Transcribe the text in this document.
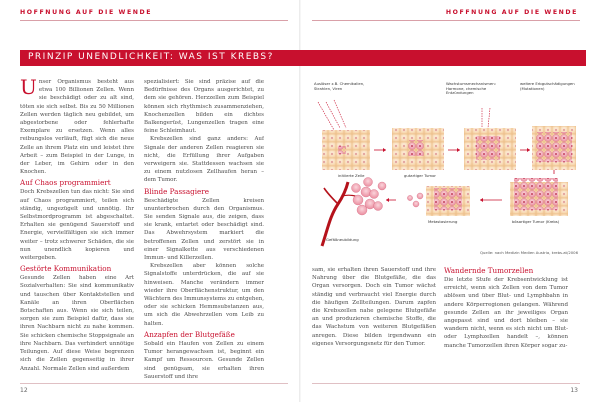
HOFFNUNG AUF DIE WENDE	HOFFNUNG AUF DIE WENDE
PRINZIP UNENDLICHKEIT: WAS IST KREBS?

Unser Organismus besteht aus etwa 100 Billionen Zellen. Wenn sie beschädigt oder zu alt sind, töten sie sich selbst. Bis zu 50 Millionen Zellen werden täglich neu gebildet, um abgestorbene oder fehlerhafte Exemplare zu ersetzen. Wenn alles reibungslos verläuft, fügt sich die neue Zelle an ihrem Platz ein und leistet ihre Arbeit – zum Beispiel in der Lunge, in der Leber, im Gehirn oder in den Knochen.

Auf Chaos programmiert

Doch Krebszellen tun das nicht: Sie sind auf Chaos programmiert, teilen sich ständig, ungezügelt und unnötig. Ihr Selbstmordprogramm ist abgeschaltet. Erhalten sie genügend Sauerstoff und Energie, vervielfältigen sie sich immer weiter – trotz schwerer Schäden, die sie nun unendlich kopieren und weitergeben.

Gestörte Kommunikation

Gesunde Zellen haben eine Art Sozialverhalten: Sie sind kommunikativ und tauschen über Kontaktstellen und Kanäle an ihren Oberflächen Botschaften aus. Wenn sie sich teilen, sorgen sie zum Beispiel dafür, dass sie ihren Nachbarn nicht zu nahe kommen. Sie schicken chemische Stoppsignale an ihre Nachbarn. Das verhindert unnötige Teilungen. Auf diese Weise begrenzen sich die Zellen gegenseitig in ihrer Anzahl. Normale Zellen sind außerdem

spezialisiert: Sie sind präzise auf die Bedürfnisse des Organs ausgerichtet, zu dem sie gehören. Herzzellen zum Beispiel können sich rhythmisch zusammenziehen, Knochenzellen bilden ein dichtes Balkengerüst, Lungenzellen tragen eine feine Schleimhaut.

Krebszellen sind ganz anders: Auf Signale der anderen Zellen reagieren sie nicht, die Erfüllung ihrer Aufgaben verweigern sie. Stattdessen wachsen sie zu einem nutzlosen Zellhaufen heran – dem Tumor.

Blinde Passagiere

Beschädigte Zellen kreisen ununterbrochen durch den Organismus. Sie senden Signale aus, die zeigen, dass sie krank, entartet oder beschädigt sind. Das Abwehrsystem markiert die betroffenen Zellen und zerstört sie in einer Signalkette aus verschiedenen Immun- und Killerzellen.

Krebszellen aber können solche Signalstoffe unterdrücken, die auf sie hinweisen. Manche verändern immer wieder ihre Oberflächenstruktur, um den Wächtern des Immunsystems zu entgehen, oder sie schicken Hemmsubstanzen aus, um sich die Abwehrzellen vom Leib zu halten.

Anzapfen der Blutgefäße

Sobald ein Haufen von Zellen zu einem Tumor herangewachsen ist, beginnt ein Kampf um Ressourcen. Gesunde Zellen sind genügsam, sie erhalten ihren Sauerstoff und ihre

Auslöser z.B. Chemikalien, Strahlen, Viren
initiierte Zelle
Wachstumsmechanismen: Hormone, chemische Entzündungen
weitere Erbgutschädigungen (Mutationen)
gutartiger Tumor
Gefäßneubildung
Metastasierung	bösartiger Tumor (Krebs)
Quelle: nach Medizin Medien Austria, krebs.at/2006

sam, sie erhalten ihren Sauerstoff und ihre Nahrung über die Blutgefäße, die das Organ versorgen. Doch ein Tumor wächst ständig und verbraucht viel Energie durch die häufigen Zellteilungen. Darum zapfen die Krebszellen nahe gelegene Blutgefäße an und produzieren chemische Stoffe, die das Wachstum von weiteren Blutgefäßen anregen. Diese bilden irgendwann ein eigenes Versorgungsnetz für den Tumor.

Wandernde Tumorzellen

Die letzte Stufe der Krebsentwicklung ist erreicht, wenn sich Zellen von dem Tumor ablösen und über Blut- und Lymphbahn in andere Körperregionen gelangen. Während gesunde Zellen an ihr jeweiliges Organ angepasst sind und dort bleiben – sie wandern nicht, wenn es sich nicht um Blut- oder Lymphzellen handelt –, können manche Tumorzellen ihren Körper sogar zu-

12	13
